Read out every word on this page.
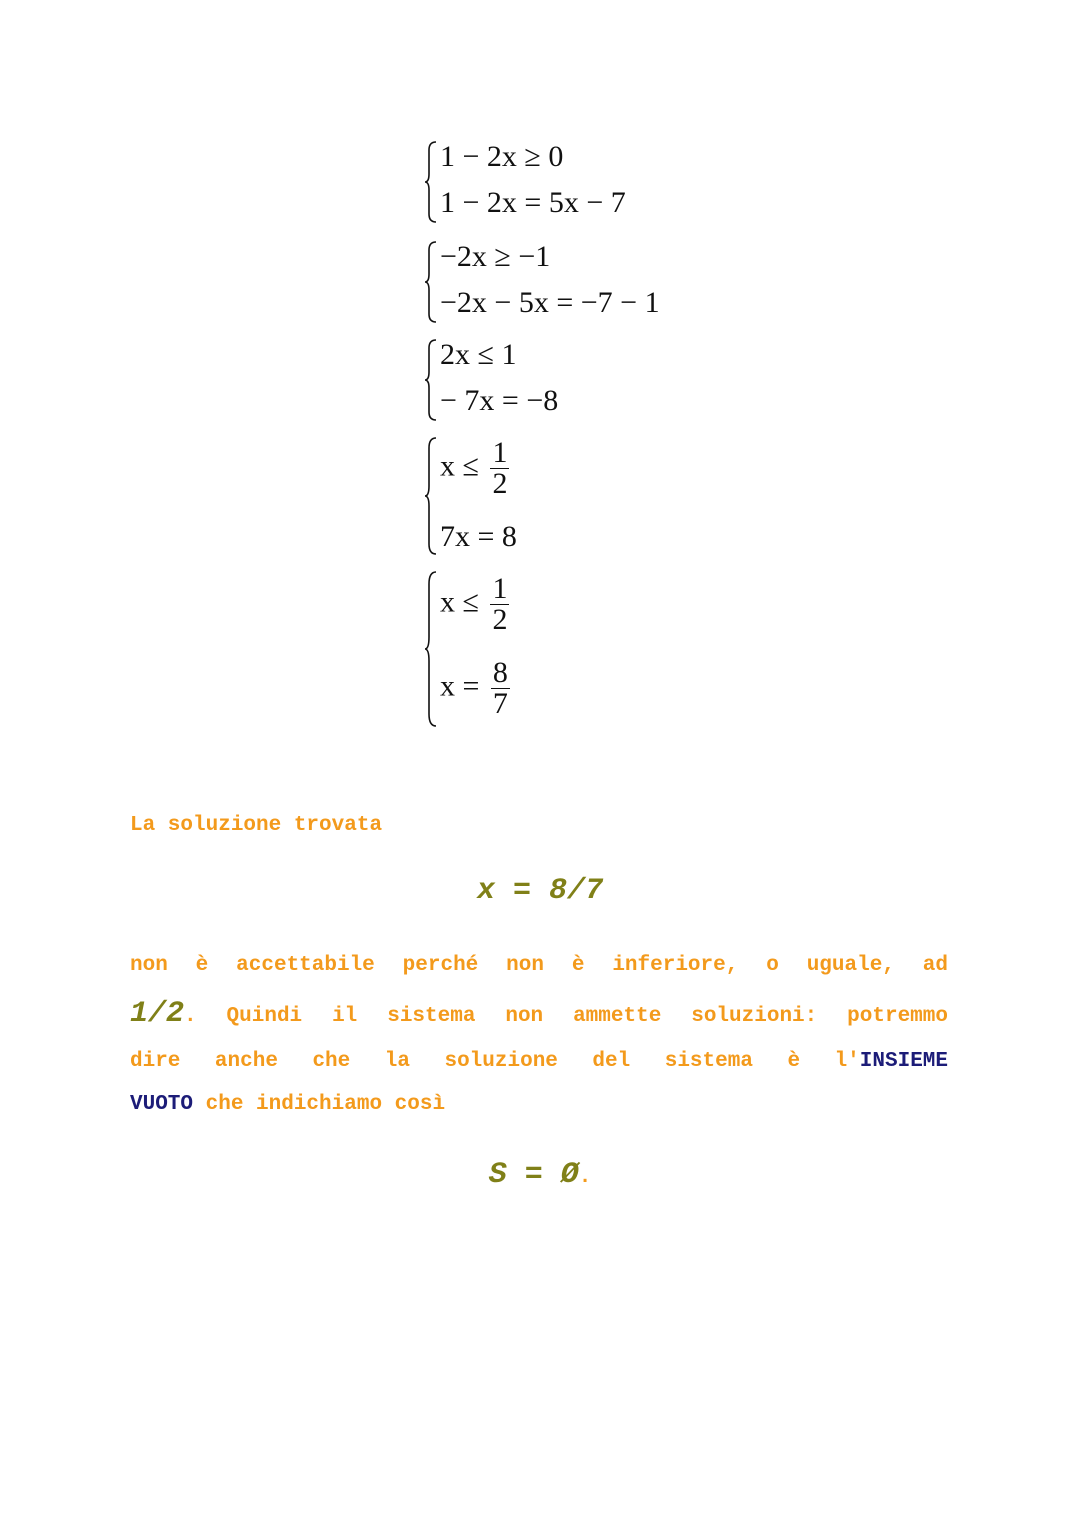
1 − 2x ≥ 0
1 − 2x = 5x − 7
−2x ≥ −1
−2x − 5x = −7 − 1
2x ≤ 1
− 7x = −8
$x \le \frac{1}{2}$
7x = 8
$x \le \frac{1}{2}$
$x = \frac{8}{7}$
La soluzione trovata
x = 8/7
non è accettabile perché non è inferiore, o uguale, ad
1/2. Quindi il sistema non ammette soluzioni: potremmo
dire anche che la soluzione del sistema è l'INSIEME
VUOTO che indichiamo così
S = Ø.
